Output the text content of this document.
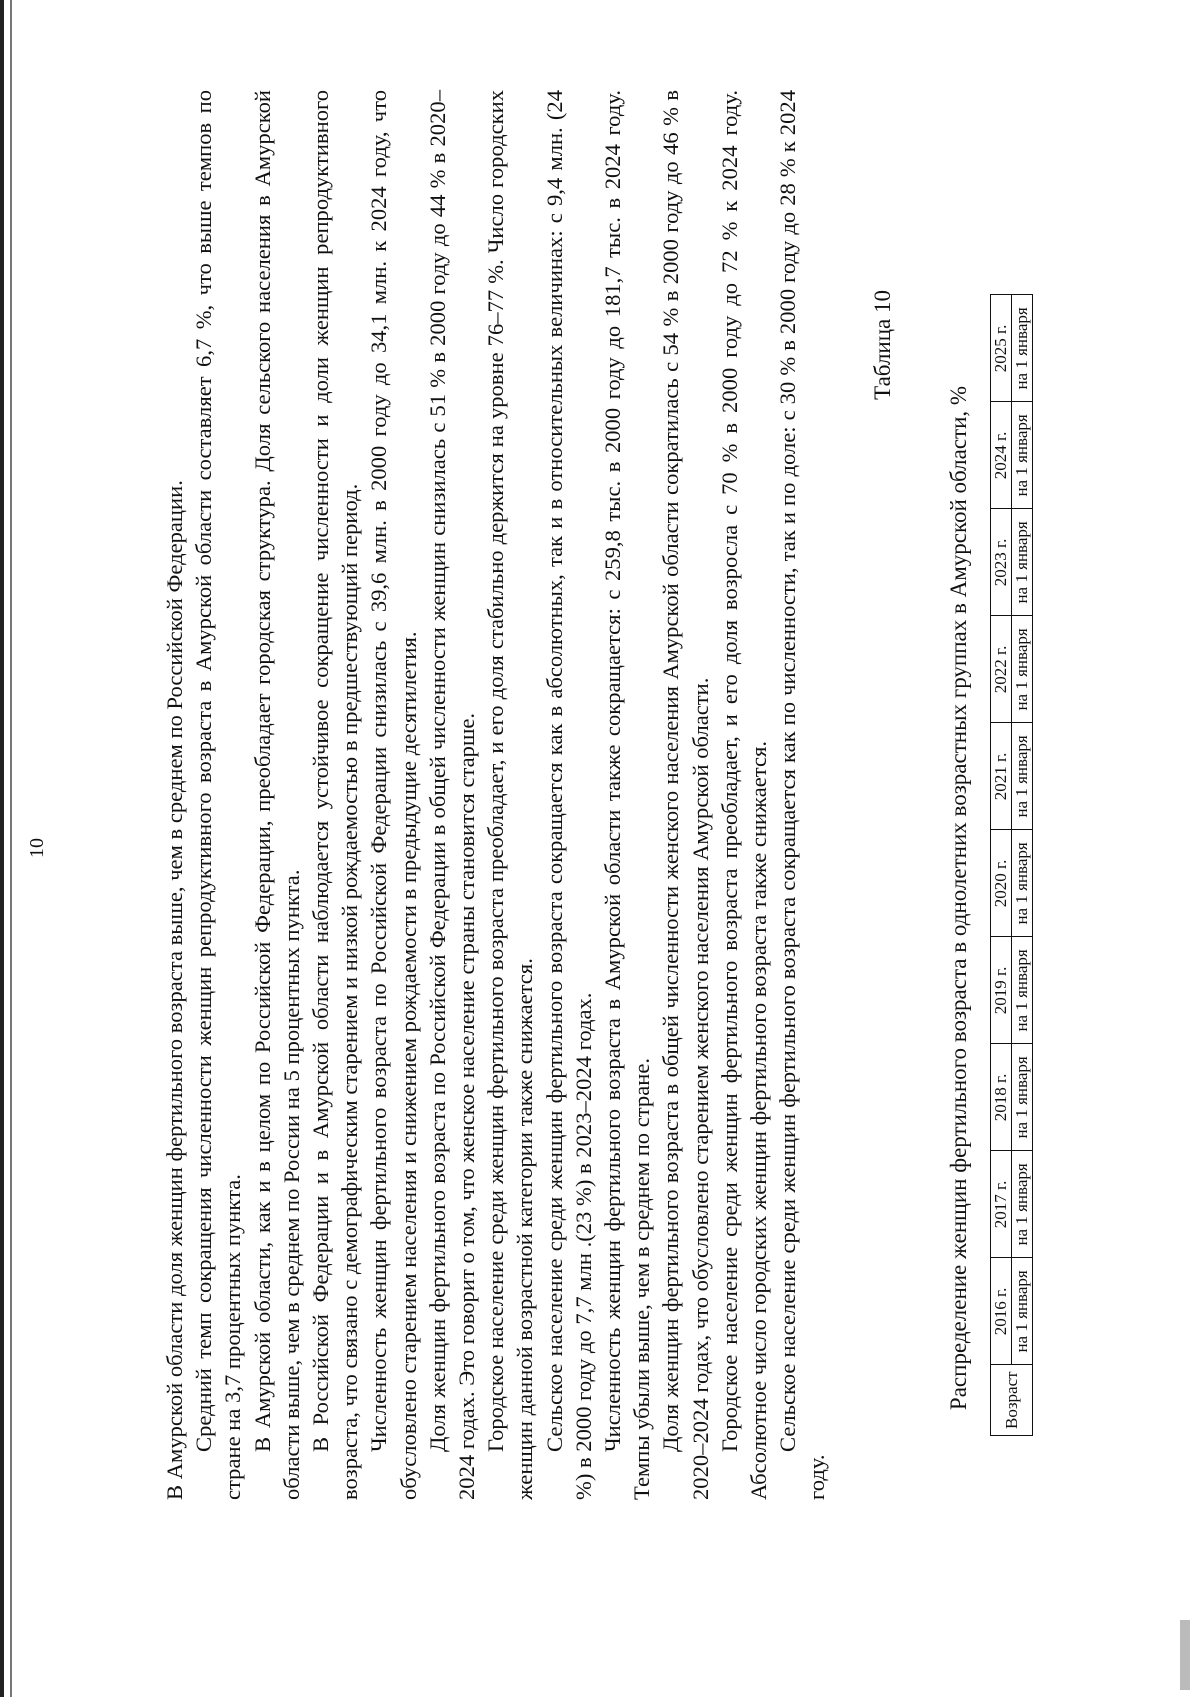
10	В Амурской области доля женщин фертильного возраста выше, чем в среднем по Российской Федерации. Средний темп сокращения численности женщин репродуктивного возраста в Амурской области составляет 6,7 %, что выше темпов по стране на 3,7 процентных пункта. В Амурской области, как и в целом по Российской Федерации, преобладает городская структура. Доля сельского населения в Амурской области выше, чем в среднем по России на 5 процентных пункта. В Российской Федерации и в Амурской области наблюдается устойчивое сокращение численности и доли женщин репродуктивного возраста, что связано с демографическим старением и низкой рождаемостью в предшествующий период. Численность женщин фертильного возраста по Российской Федерации снизилась с 39,6 млн. в 2000 году до 34,1 млн. к 2024 году, что обусловлено старением населения и снижением рождаемости в предыдущие десятилетия. Доля женщин фертильного возраста по Российской Федерации в общей численности женщин снизилась с 51 % в 2000 году до 44 % в 2020–2024 годах. Это говорит о том, что женское население страны становится старше. Городское население среди женщин фертильного возраста преобладает, и его доля стабильно держится на уровне 76–77 %. Число городских женщин данной возрастной категории также снижается. Сельское население среди женщин фертильного возраста сокращается как в абсолютных, так и в относительных величинах: с 9,4 млн. (24 %) в 2000 году до 7,7 млн .(23 %) в 2023–2024 годах. Численность женщин фертильного возраста в Амурской области также сокращается: с 259,8 тыс. в 2000 году до 181,7 тыс. в 2024 году. Темпы убыли выше, чем в среднем по стране. Доля женщин фертильного возраста в общей численности женского населения Амурской области сократилась с 54 % в 2000 году до 46 % в 2020–2024 годах, что обусловлено старением женского населения Амурской области. Городское население среди женщин фертильного возраста преобладает, и его доля возросла с 70 % в 2000 году до 72 % к 2024 году. Абсолютное число городских женщин фертильного возраста также снижается. Сельское население среди женщин фертильного возраста сокращается как по численности, так и по доле: с 30 % в 2000 году до 28 % к 2024 году.

Таблица 10
Распределение женщин фертильного возраста в однолетних возрастных группах в Амурской области, % Возраст	2016 г.	2017 г.	2018 г.	2019 г.	2020 г.	2021 г.	2022 г.	2023 г.	2024 г.	2025 г.
	на 1 января	на 1 января	на 1 января	на 1 января	на 1 января	на 1 января	на 1 января	на 1 января	на 1 января	на 1 января
